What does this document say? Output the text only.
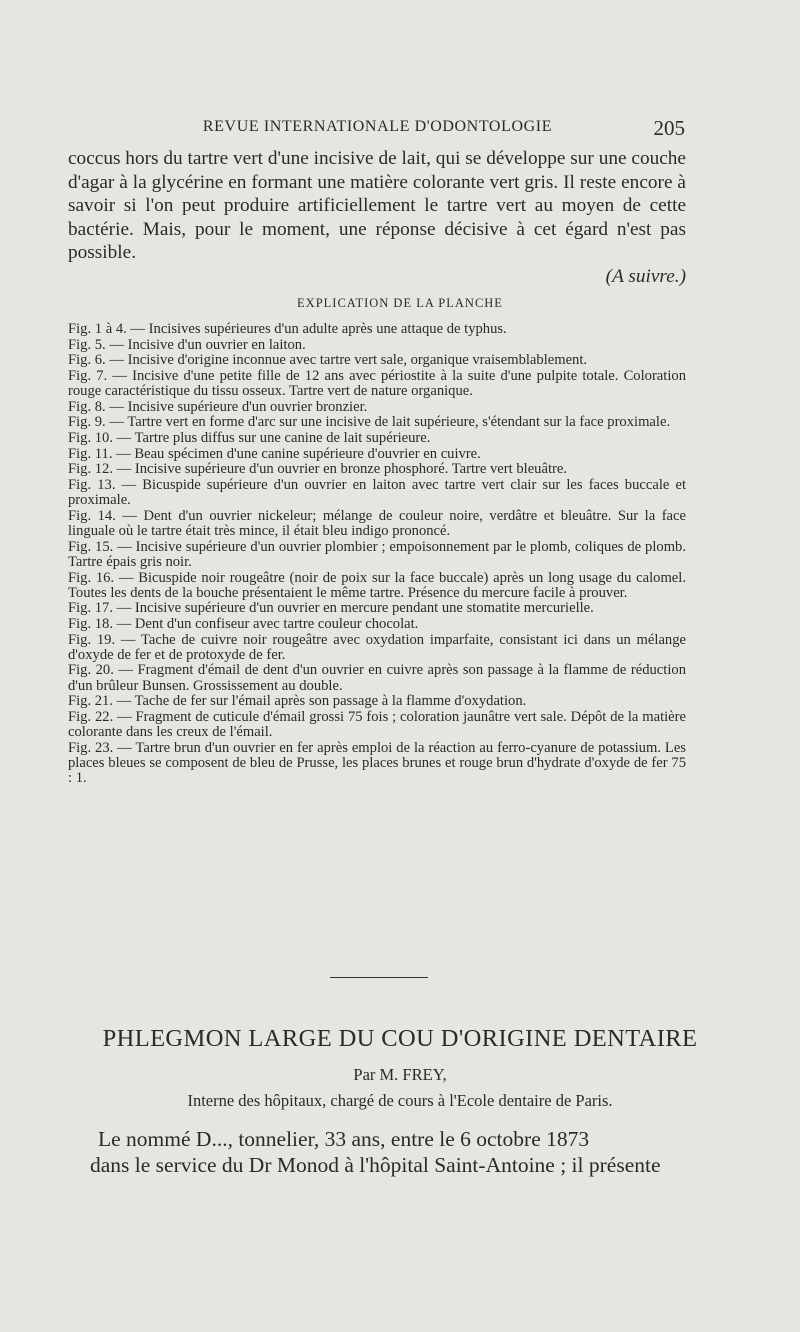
REVUE INTERNATIONALE D'ODONTOLOGIE	205

coccus hors du tartre vert d'une incisive de lait, qui se développe sur une couche d'agar à la glycérine en formant une matière colorante vert gris. Il reste encore à savoir si l'on peut produire artificiellement le tartre vert au moyen de cette bactérie. Mais, pour le moment, une réponse décisive à cet égard n'est pas possible.

(A suivre.)

EXPLICATION DE LA PLANCHE

Fig. 1 à 4. — Incisives supérieures d'un adulte après une attaque de typhus.

Fig. 5. — Incisive d'un ouvrier en laiton.

Fig. 6. — Incisive d'origine inconnue avec tartre vert sale, organique vraisemblablement.

Fig. 7. — Incisive d'une petite fille de 12 ans avec périostite à la suite d'une pulpite totale. Coloration rouge caractéristique du tissu osseux. Tartre vert de nature organique.

Fig. 8. — Incisive supérieure d'un ouvrier bronzier.

Fig. 9. — Tartre vert en forme d'arc sur une incisive de lait supérieure, s'étendant sur la face proximale.

Fig. 10. — Tartre plus diffus sur une canine de lait supérieure.

Fig. 11. — Beau spécimen d'une canine supérieure d'ouvrier en cuivre.

Fig. 12. — Incisive supérieure d'un ouvrier en bronze phosphoré. Tartre vert bleuâtre.

Fig. 13. — Bicuspide supérieure d'un ouvrier en laiton avec tartre vert clair sur les faces buccale et proximale.

Fig. 14. — Dent d'un ouvrier nickeleur; mélange de couleur noire, verdâtre et bleuâtre. Sur la face linguale où le tartre était très mince, il était bleu indigo prononcé.

Fig. 15. — Incisive supérieure d'un ouvrier plombier ; empoisonnement par le plomb, coliques de plomb. Tartre épais gris noir.

Fig. 16. — Bicuspide noir rougeâtre (noir de poix sur la face buccale) après un long usage du calomel. Toutes les dents de la bouche présentaient le même tartre. Présence du mercure facile à prouver.

Fig. 17. — Incisive supérieure d'un ouvrier en mercure pendant une stomatite mercurielle.

Fig. 18. — Dent d'un confiseur avec tartre couleur chocolat.

Fig. 19. — Tache de cuivre noir rougeâtre avec oxydation imparfaite, consistant ici dans un mélange d'oxyde de fer et de protoxyde de fer.

Fig. 20. — Fragment d'émail de dent d'un ouvrier en cuivre après son passage à la flamme de réduction d'un brûleur Bunsen. Grossissement au double.

Fig. 21. — Tache de fer sur l'émail après son passage à la flamme d'oxydation.

Fig. 22. — Fragment de cuticule d'émail grossi 75 fois ; coloration jaunâtre vert sale. Dépôt de la matière colorante dans les creux de l'émail.

Fig. 23. — Tartre brun d'un ouvrier en fer après emploi de la réaction au ferro-cyanure de potassium. Les places bleues se composent de bleu de Prusse, les places brunes et rouge brun d'hydrate d'oxyde de fer 75 : 1.

PHLEGMON LARGE DU COU D'ORIGINE DENTAIRE
Par M. FREY,
Interne des hôpitaux, chargé de cours à l'Ecole dentaire de Paris.
Le nommé D..., tonnelier, 33 ans, entre le 6 octobre 1873
dans le service du Dr Monod à l'hôpital Saint-Antoine ; il présente
